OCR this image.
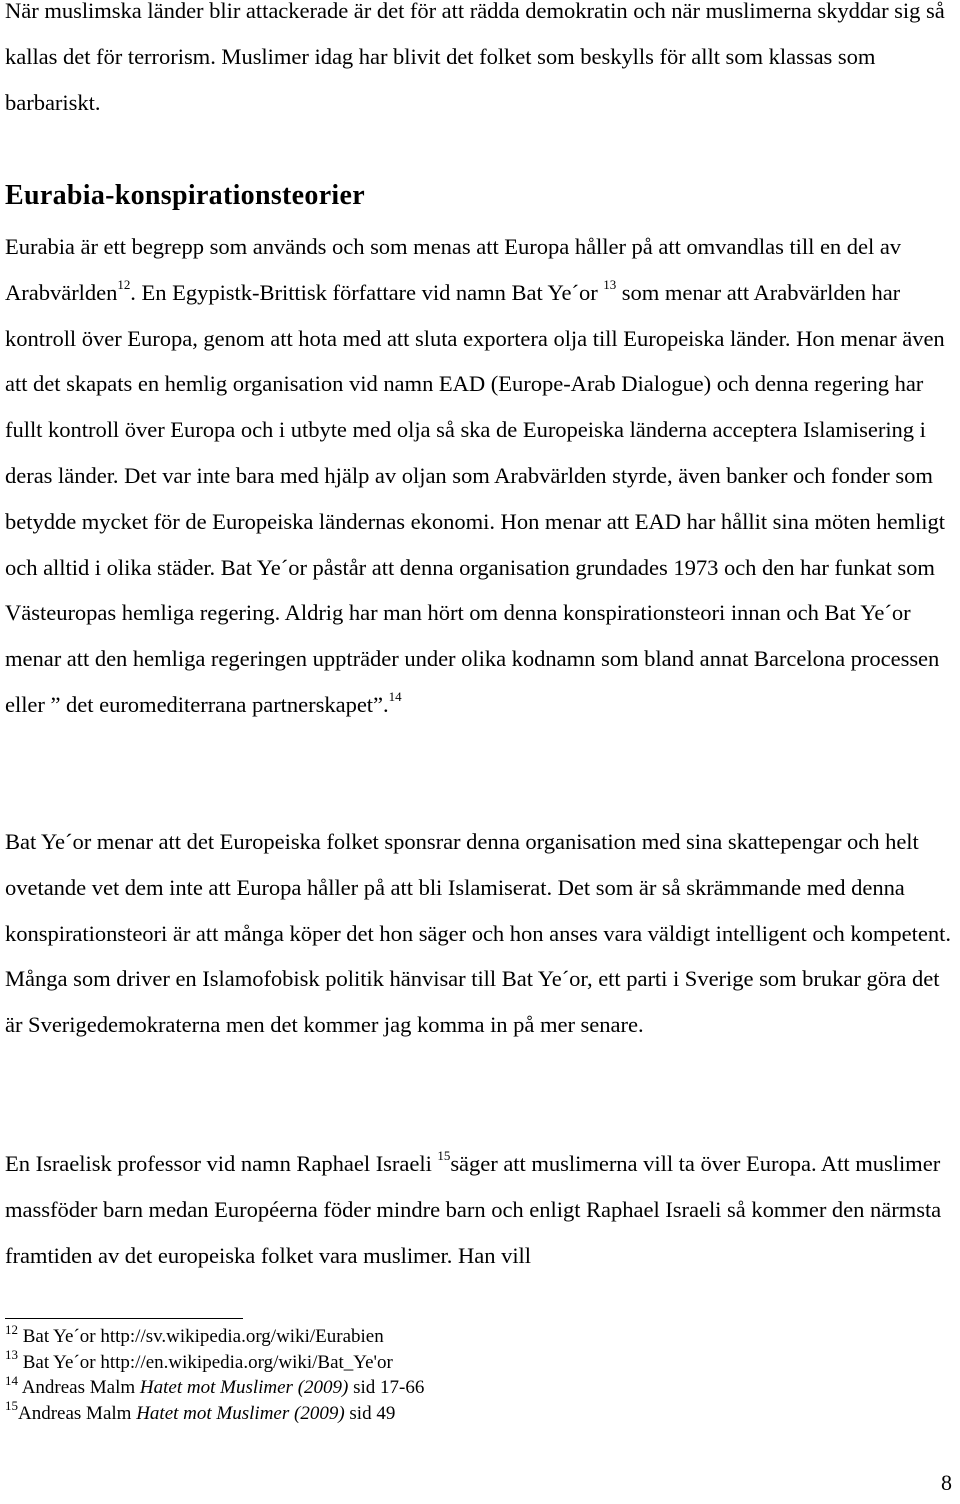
När muslimska länder blir attackerade är det för att rädda demokratin och när muslimerna skyddar sig så kallas det för terrorism. Muslimer idag har blivit det folket som beskylls för allt som klassas som barbariskt.

Eurabia-konspirationsteorier

Eurabia är ett begrepp som används och som menas att Europa håller på att omvandlas till en del av Arabvärlden$^{12}$. En Egypistk-Brittisk författare vid namn Bat Ye´or $^{13}$ som menar att Arabvärlden har kontroll över Europa, genom att hota med att sluta exportera olja till Europeiska länder. Hon menar även att det skapats en hemlig organisation vid namn EAD (Europe-Arab Dialogue) och denna regering har fullt kontroll över Europa och i utbyte med olja så ska de Europeiska länderna acceptera Islamisering i deras länder. Det var inte bara med hjälp av oljan som Arabvärlden styrde, även banker och fonder som betydde mycket för de Europeiska ländernas ekonomi. Hon menar att EAD har hållit sina möten hemligt och alltid i olika städer. Bat Ye´or påstår att denna organisation grundades 1973 och den har funkat som Västeuropas hemliga regering. Aldrig har man hört om denna konspirationsteori innan och Bat Ye´or menar att den hemliga regeringen uppträder under olika kodnamn som bland annat Barcelona processen eller ” det euromediterrana partnerskapet”.$^{14}$

Bat Ye´or menar att det Europeiska folket sponsrar denna organisation med sina skattepengar och helt ovetande vet dem inte att Europa håller på att bli Islamiserat. Det som är så skrämmande med denna konspirationsteori är att många köper det hon säger och hon anses vara väldigt intelligent och kompetent. Många som driver en Islamofobisk politik hänvisar till Bat Ye´or, ett parti i Sverige som brukar göra det är Sverigedemokraterna men det kommer jag komma in på mer senare.

En Israelisk professor vid namn Raphael Israeli $^{15}$säger att muslimerna vill ta över Europa. Att muslimer massföder barn medan Européerna föder mindre barn och enligt Raphael Israeli så kommer den närmsta framtiden av det europeiska folket vara muslimer. Han vill

$^{12}$ Bat Ye´or http://sv.wikipedia.org/wiki/Eurabien
$^{13}$ Bat Ye´or http://en.wikipedia.org/wiki/Bat_Ye'or
$^{14}$ Andreas Malm Hatet mot Muslimer (2009) sid 17-66
$^{15}$Andreas Malm Hatet mot Muslimer (2009) sid 49
8
